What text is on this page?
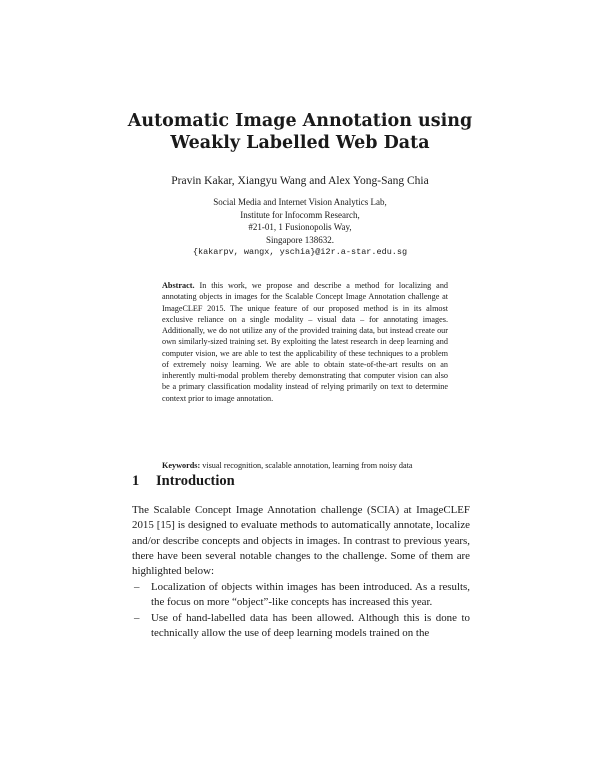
Automatic Image Annotation using
Weakly Labelled Web Data
Pravin Kakar, Xiangyu Wang and Alex Yong-Sang Chia
Social Media and Internet Vision Analytics Lab,
Institute for Infocomm Research,
#21-01, 1 Fusionopolis Way,
Singapore 138632.
{kakarpv, wangx, yschia}@i2r.a-star.edu.sg
Abstract. In this work, we propose and describe a method for localizing and annotating objects in images for the Scalable Concept Image Annotation challenge at ImageCLEF 2015. The unique feature of our proposed method is in its almost exclusive reliance on a single modality – visual data – for annotating images. Additionally, we do not utilize any of the provided training data, but instead create our own similarly-sized training set. By exploiting the latest research in deep learning and computer vision, we are able to test the applicability of these techniques to a problem of extremely noisy learning. We are able to obtain state-of-the-art results on an inherently multi-modal problem thereby demonstrating that computer vision can also be a primary classification modality instead of relying primarily on text to determine context prior to image annotation.
Keywords: visual recognition, scalable annotation, learning from noisy data
1 Introduction
The Scalable Concept Image Annotation challenge (SCIA) at ImageCLEF 2015 [15] is designed to evaluate methods to automatically annotate, localize and/or describe concepts and objects in images. In contrast to previous years, there have been several notable changes to the challenge. Some of them are highlighted below:
– Localization of objects within images has been introduced. As a results, the focus on more “object”-like concepts has increased this year.
– Use of hand-labelled data has been allowed. Although this is done to technically allow the use of deep learning models trained on the
